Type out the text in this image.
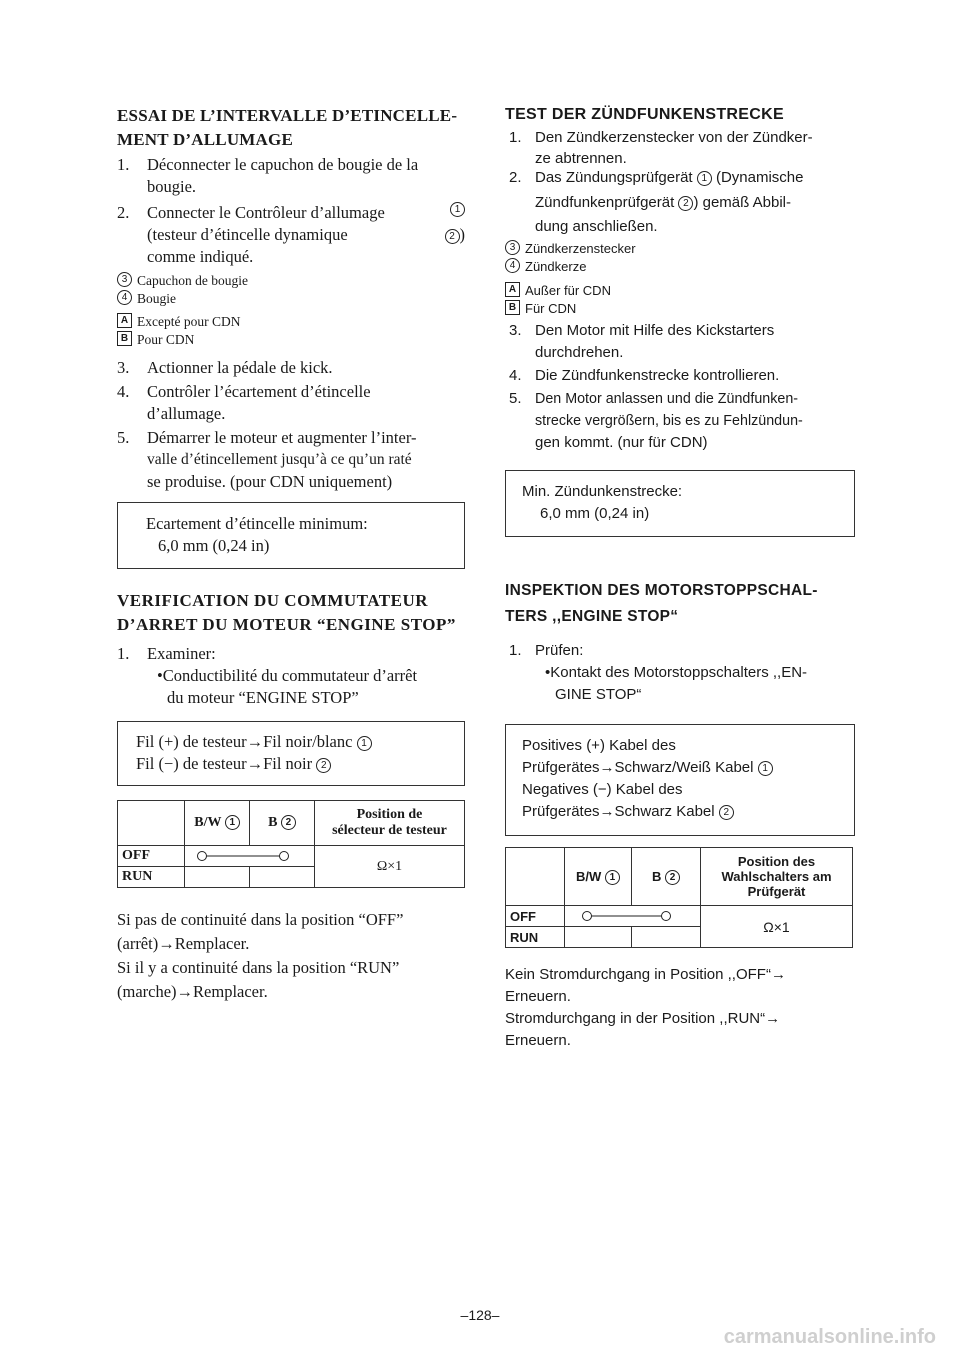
ESSAI DE L’INTERVALLE D’ETINCELLE-
MENT D’ALLUMAGE
1. Déconnecter le capuchon de bougie de la
bougie.
2. Connecter le Contrôleur d’allumage	1
(testeur d’étincelle dynamique	2 )
comme indiqué.
3 Capuchon de bougie
4 Bougie
A Excepté pour CDN
B Pour CDN
3. Actionner la pédale de kick.
4. Contrôler l’écartement d’étincelle
d’allumage.
5. Démarrer le moteur et augmenter l’inter-
valle d’étincellement jusqu’à ce qu’un raté
se produise. (pour CDN uniquement)
Ecartement d’étincelle minimum:
6,0 mm (0,24 in)
VERIFICATION DU COMMUTATEUR
D’ARRET DU MOTEUR “ENGINE STOP”
1. Examiner:
•Conductibilité du commutateur d’arrêt
du moteur “ENGINE STOP”
Fil (+) de testeur→Fil noir/blanc 1
Fil (−) de testeur→Fil noir 2
	B/W 1	B 2	Position de
sélecteur de testeur

OFF			Ω×1
RUN			

Si pas de continuité dans la position “OFF”

(arrêt)→Remplacer.

Si il y a continuité dans la position “RUN”

(marche)→Remplacer.

TEST DER ZÜNDFUNKENSTRECKE
1. Den Zündkerzenstecker von der Zündker-
ze abtrennen.
2. Das Zündungsprüfgerät 1 (Dynamische
Zündfunkenprüfgerät 2 ) gemäß Abbil-
dung anschließen.
3 Zündkerzenstecker
4 Zündkerze
A Außer für CDN
B Für CDN
3. Den Motor mit Hilfe des Kickstarters
durchdrehen.
4. Die Zündfunkenstrecke kontrollieren.
5. Den Motor anlassen und die Zündfunken-
strecke vergrößern, bis es zu Fehlzündun-
gen kommt. (nur für CDN)
Min. Zündunkenstrecke:
6,0 mm (0,24 in)
INSPEKTION DES MOTORSTOPPSCHAL-
TERS ,,ENGINE STOP“
1. Prüfen:
•Kontakt des Motorstoppschalters ,,EN-
GINE STOP“
Positives (+) Kabel des
Prüfgerätes→Schwarz/Weiß Kabel 1
Negatives (−) Kabel des
Prüfgerätes→Schwarz Kabel 2
	B/W 1	B 2	Position des
Wahlschalters am
Prüfgerät

OFF			Ω×1
RUN			

Kein Stromdurchgang in Position ,,OFF“→

Erneuern.

Stromdurchgang in der Position ,,RUN“→

Erneuern.

–128–
carmanualsonline.info
